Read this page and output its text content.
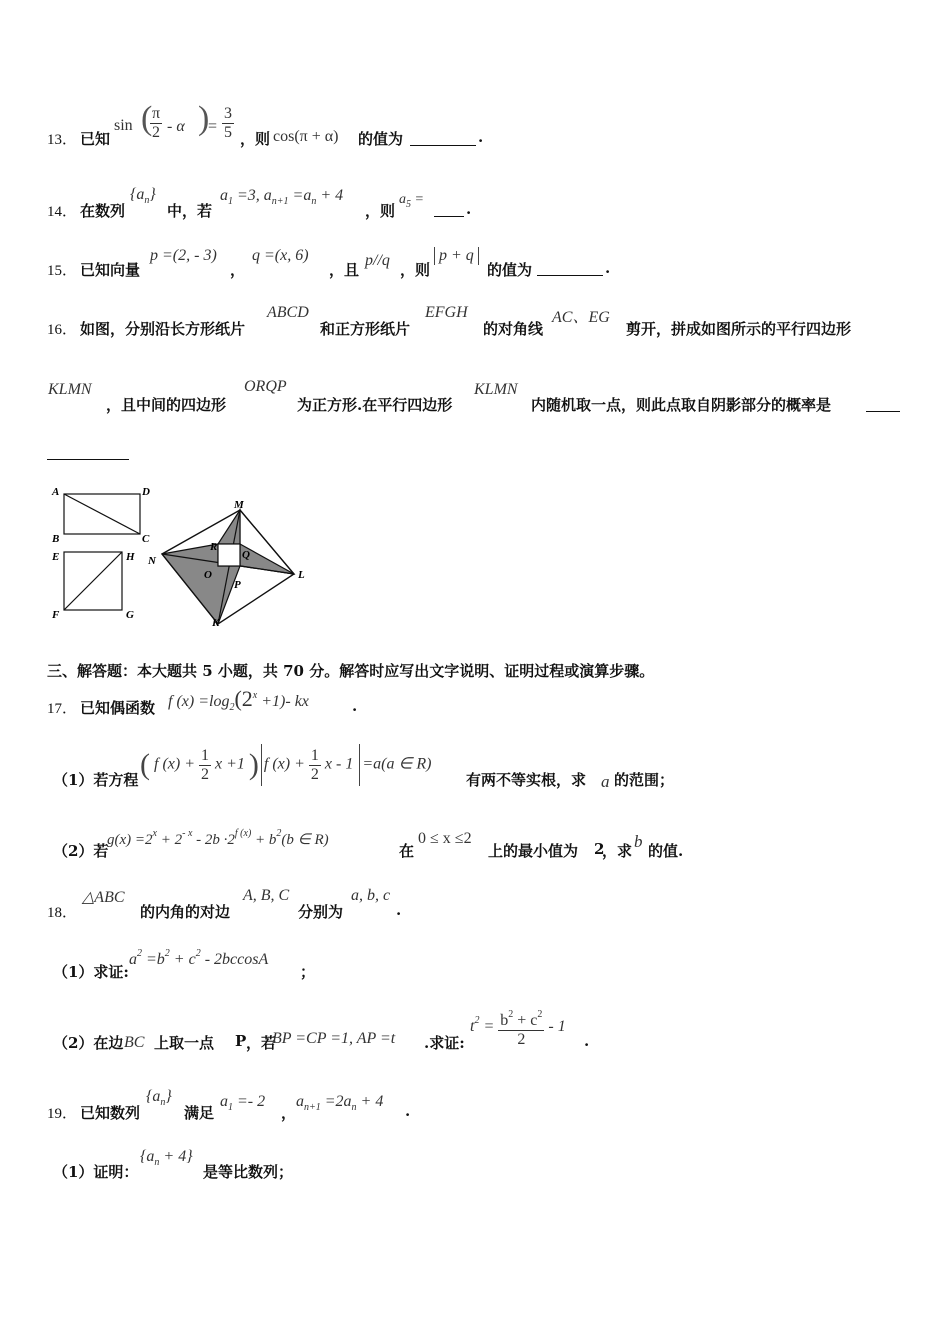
13． 已知
sin (
$\frac{\pi}{2}$ - α )
= $\frac{3}{5}$ ，则 cos(π + α) 的值为	.
14． 在数列
$\{a_n\}$
中，若
$a_1 =3$, $a_{n+1} =a_n + 4$
，则
$a_5$ =
.
15． 已知向量
p =(2, - 3)
，
q =(x, 6)
，且
p//q
，则
p + q
的值为	.
16． 如图，分别沿长方形纸片
ABCD
和正方形纸片
EFGH
的对角线
AC、EG
剪开，拼成如图所示的平行四边形
KLMN
，且中间的四边形
ORQP
为正方形.在平行四边形
KLMN
内随机取一点，则此点取自阴影部分的概率是
A	D
B	C
E	H
F	G
M
N
R
Q
O
P
L
K
三、解答题：本大题共 5 小题，共 70 分。解答时应写出文字说明、证明过程或演算步骤。
17． 已知偶函数 f $(x) =\log_2(2^x +1)-$ kx	.
（1）若方程 ( f $(x) + \frac{1}{2}$ x +1 ) f $(x) + \frac{1}{2}$ x - 1 =a(a ∈ R)
有两不等实根，求 a 的范围；
（2）若
$g(x) =2^x + 2^{- x} - 2b \cdot 2^{f (x)} + b^2(b$ ∈ R)
在
0 ≤ x ≤2
上的最小值为 2
，求 b 的值.
18．
△ABC
的内角的对边
A, B, C
分别为
a, b, c
.
（1）求证:
$a^2 =b^2 + c^2 - 2bccosA$
；
（2）在边 BC 上取一点 P ，若
BP =CP =1, AP =t .求证:
$t^2 = \frac{b^2 + c^2}{2} - 1$
.
19． 已知数列
$\{a_n\}$
满足
$a_1 =- 2$
，
$a_{n+1} =2a_n + 4$
.
（1）证明：
$\{a_n + 4\}$
是等比数列；
